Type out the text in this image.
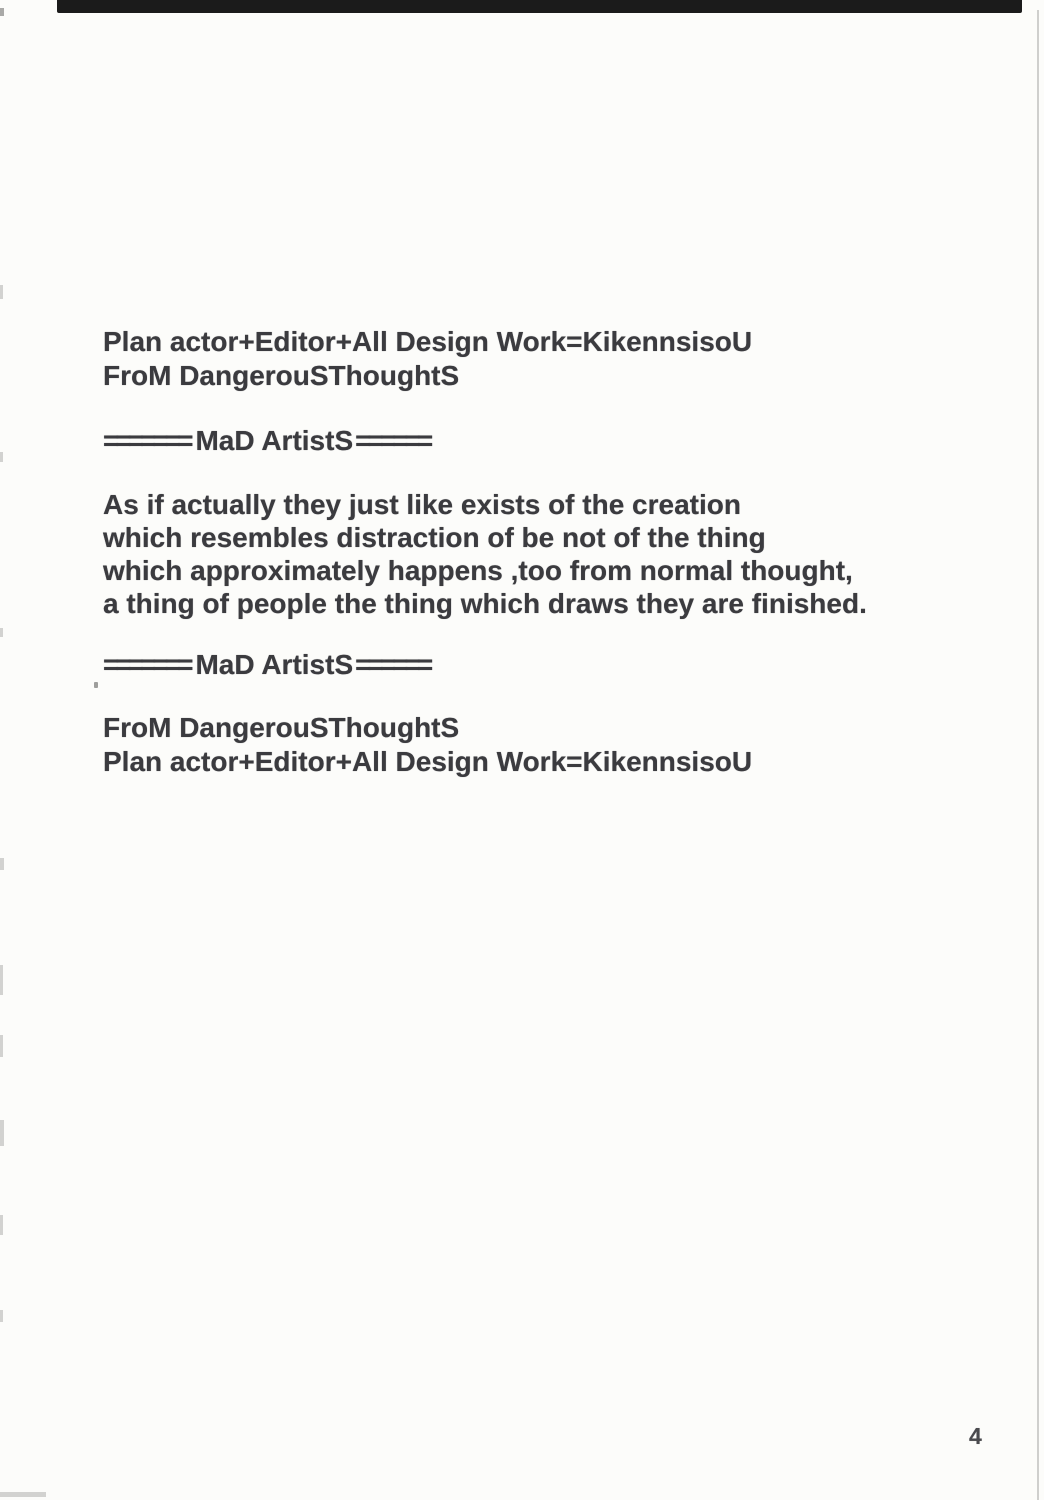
Plan actor+Editor+All Design Work=KikennsisoU
FroM DangerouSThoughtS
======= MaD ArtistS======
As if actually they just like exists of the creation
which resembles distraction of be not of the thing
which approximately happens ,too from normal thought,
a thing of people the thing which draws they are finished.
======= MaD ArtistS======
FroM DangerouSThoughtS
Plan actor+Editor+All Design Work=KikennsisoU
4
